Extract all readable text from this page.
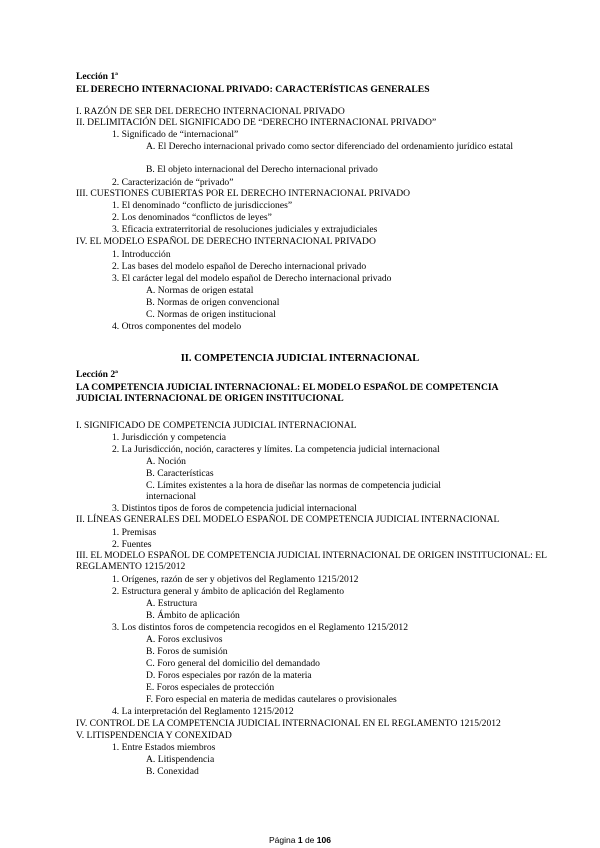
Lección 1ª
EL DERECHO INTERNACIONAL PRIVADO: CARACTERÍSTICAS GENERALES
I. RAZÓN DE SER DEL DERECHO INTERNACIONAL PRIVADO
II. DELIMITACIÓN DEL SIGNIFICADO DE “DERECHO INTERNACIONAL PRIVADO”
1. Significado de “internacional”
A. El Derecho internacional privado como sector diferenciado del ordenamiento jurídico estatal
B. El objeto internacional del Derecho internacional privado
2. Caracterización de “privado”
III. CUESTIONES CUBIERTAS POR EL DERECHO INTERNACIONAL PRIVADO
1. El denominado “conflicto de jurisdicciones”
2. Los denominados “conflictos de leyes”
3. Eficacia extraterritorial de resoluciones judiciales y extrajudiciales
IV. EL MODELO ESPAÑOL DE DERECHO INTERNACIONAL PRIVADO
1. Introducción
2. Las bases del modelo español de Derecho internacional privado
3. El carácter legal del modelo español de Derecho internacional privado
A. Normas de origen estatal
B. Normas de origen convencional
C. Normas de origen institucional
4. Otros componentes del modelo
II. COMPETENCIA JUDICIAL INTERNACIONAL
Lección 2ª
LA COMPETENCIA JUDICIAL INTERNACIONAL: EL MODELO ESPAÑOL DE COMPETENCIA JUDICIAL INTERNACIONAL DE ORIGEN INSTITUCIONAL
I. SIGNIFICADO DE COMPETENCIA JUDICIAL INTERNACIONAL
1. Jurisdicción y competencia
2. La Jurisdicción, noción, caracteres y límites. La competencia judicial internacional
A. Noción
B. Características
C. Límites existentes a la hora de diseñar las normas de competencia judicial internacional
3. Distintos tipos de foros de competencia judicial internacional
II. LÍNEAS GENERALES DEL MODELO ESPAÑOL DE COMPETENCIA JUDICIAL INTERNACIONAL
1. Premisas
2. Fuentes
III. EL MODELO ESPAÑOL DE COMPETENCIA JUDICIAL INTERNACIONAL DE ORIGEN INSTITUCIONAL: EL REGLAMENTO 1215/2012
1. Orígenes, razón de ser y objetivos del Reglamento 1215/2012
2. Estructura general y ámbito de aplicación del Reglamento
A. Estructura
B. Ámbito de aplicación
3. Los distintos foros de competencia recogidos en el Reglamento 1215/2012
A. Foros exclusivos
B. Foros de sumisión
C. Foro general del domicilio del demandado
D. Foros especiales por razón de la materia
E. Foros especiales de protección
F. Foro especial en materia de medidas cautelares o provisionales
4. La interpretación del Reglamento 1215/2012
IV. CONTROL DE LA COMPETENCIA JUDICIAL INTERNACIONAL EN EL REGLAMENTO 1215/2012
V. LITISPENDENCIA Y CONEXIDAD
1. Entre Estados miembros
A. Litispendencia
B. Conexidad
Página 1 de 106
